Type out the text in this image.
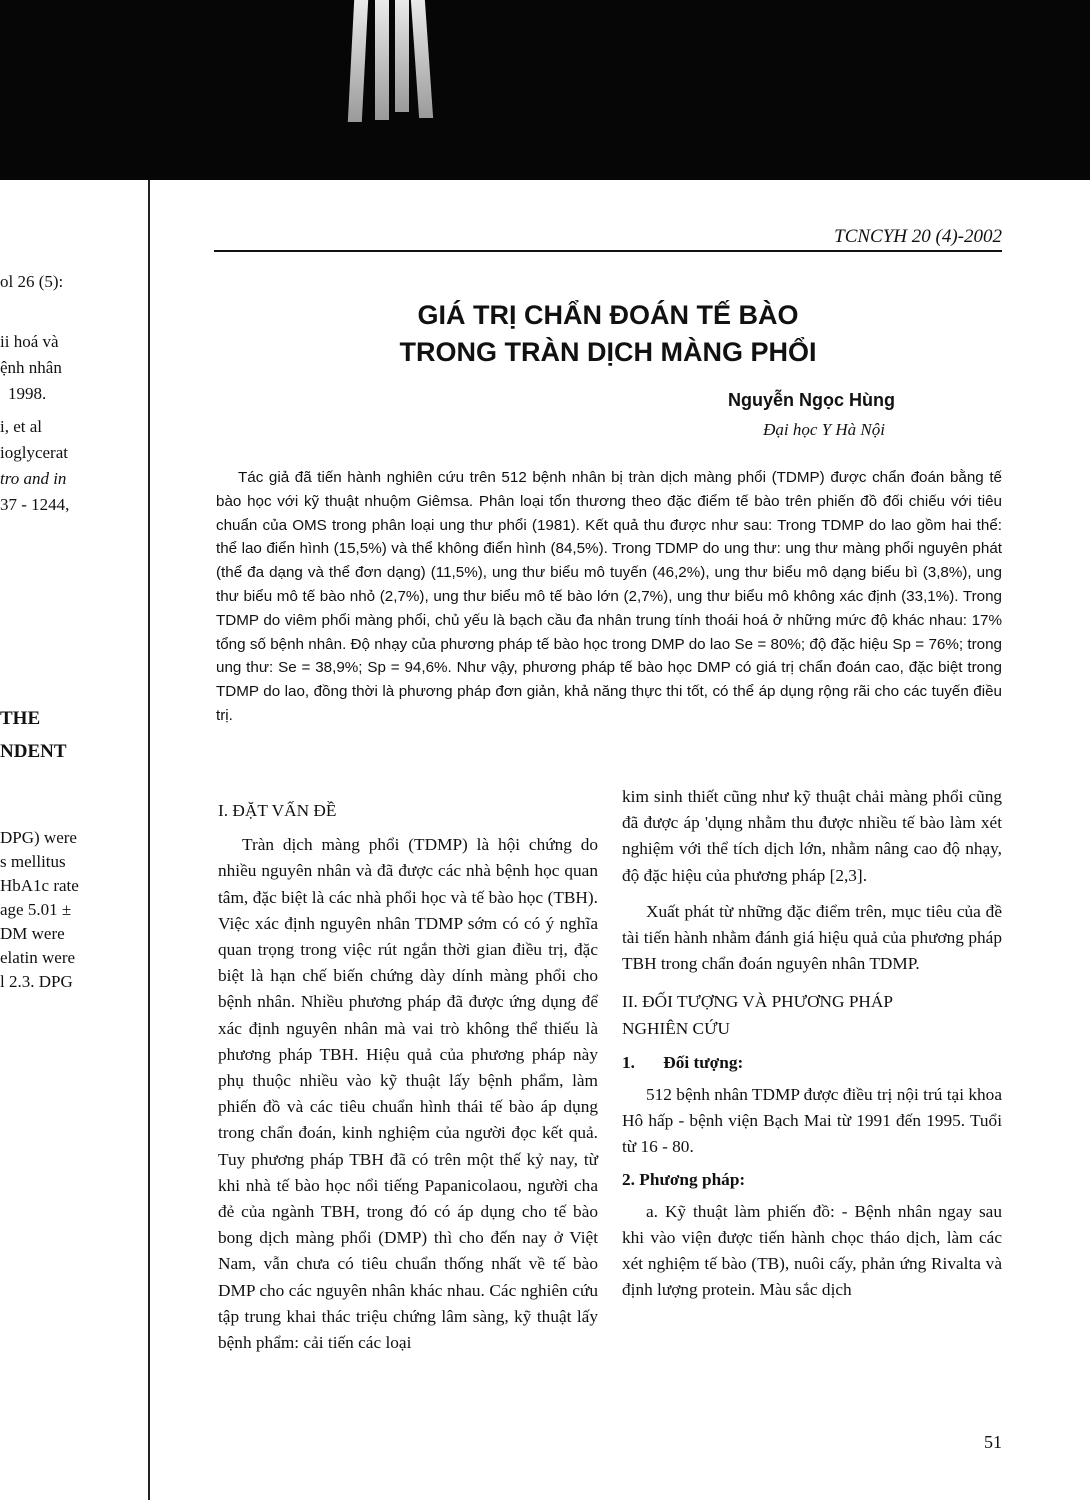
ol 26 (5):
ii hoá và
ệnh nhân
1998.
i, et al
ioglycerat
tro and in
37 - 1244,
THE
NDENT
DPG) were
s mellitus
HbA1c rate
age 5.01 ±
DM were
elatin were
l 2.3. DPG
TCNCYH 20 (4)-2002
GIÁ TRỊ CHẨN ĐOÁN TẾ BÀO
TRONG TRÀN DỊCH MÀNG PHỔI
Nguyễn Ngọc Hùng
Đại học Y Hà Nội

Tác giả đã tiến hành nghiên cứu trên 512 bệnh nhân bị tràn dịch màng phổi (TDMP) được chẩn đoán bằng tế bào học với kỹ thuật nhuộm Giêmsa. Phân loại tổn thương theo đặc điểm tế bào trên phiến đồ đối chiếu với tiêu chuẩn của OMS trong phân loại ung thư phổi (1981). Kết quả thu được như sau: Trong TDMP do lao gồm hai thể: thể lao điển hình (15,5%) và thể không điển hình (84,5%). Trong TDMP do ung thư: ung thư màng phổi nguyên phát (thể đa dạng và thể đơn dạng) (11,5%), ung thư biểu mô tuyến (46,2%), ung thư biểu mô dạng biểu bì (3,8%), ung thư biểu mô tế bào nhỏ (2,7%), ung thư biểu mô tế bào lớn (2,7%), ung thư biểu mô không xác định (33,1%). Trong TDMP do viêm phổi màng phổi, chủ yếu là bạch cầu đa nhân trung tính thoái hoá ở những mức độ khác nhau: 17% tổng số bệnh nhân. Độ nhạy của phương pháp tế bào học trong DMP do lao Se = 80%; độ đặc hiệu Sp = 76%; trong ung thư: Se = 38,9%; Sp = 94,6%. Như vậy, phương pháp tế bào học DMP có giá trị chẩn đoán cao, đặc biệt trong TDMP do lao, đồng thời là phương pháp đơn giản, khả năng thực thi tốt, có thể áp dụng rộng rãi cho các tuyến điều trị.

I. ĐẶT VẤN ĐỀ

Tràn dịch màng phổi (TDMP) là hội chứng do nhiều nguyên nhân và đã được các nhà bệnh học quan tâm, đặc biệt là các nhà phổi học và tế bào học (TBH). Việc xác định nguyên nhân TDMP sớm có có ý nghĩa quan trọng trong việc rút ngắn thời gian điều trị, đặc biệt là hạn chế biến chứng dày dính màng phổi cho bệnh nhân. Nhiều phương pháp đã được ứng dụng để xác định nguyên nhân mà vai trò không thể thiếu là phương pháp TBH. Hiệu quả của phương pháp này phụ thuộc nhiều vào kỹ thuật lấy bệnh phẩm, làm phiến đồ và các tiêu chuẩn hình thái tế bào áp dụng trong chẩn đoán, kinh nghiệm của người đọc kết quả. Tuy phương pháp TBH đã có trên một thế kỷ nay, từ khi nhà tế bào học nổi tiếng Papanicolaou, người cha đẻ của ngành TBH, trong đó có áp dụng cho tế bào bong dịch màng phổi (DMP) thì cho đến nay ở Việt Nam, vẫn chưa có tiêu chuẩn thống nhất về tế bào DMP cho các nguyên nhân khác nhau. Các nghiên cứu tập trung khai thác triệu chứng lâm sàng, kỹ thuật lấy bệnh phẩm: cải tiến các loại

kim sinh thiết cũng như kỹ thuật chải màng phổi cũng đã được áp 'dụng nhằm thu được nhiều tế bào làm xét nghiệm với thể tích dịch lớn, nhằm nâng cao độ nhạy, độ đặc hiệu của phương pháp [2,3].

Xuất phát từ những đặc điểm trên, mục tiêu của đề tài tiến hành nhằm đánh giá hiệu quả của phương pháp TBH trong chẩn đoán nguyên nhân TDMP.

II. ĐỐI TƯỢNG VÀ PHƯƠNG PHÁP
NGHIÊN CỨU
1. Đối tượng:

512 bệnh nhân TDMP được điều trị nội trú tại khoa Hô hấp - bệnh viện Bạch Mai từ 1991 đến 1995. Tuổi từ 16 - 80.

2. Phương pháp:

a. Kỹ thuật làm phiến đồ: - Bệnh nhân ngay sau khi vào viện được tiến hành chọc tháo dịch, làm các xét nghiệm tế bào (TB), nuôi cấy, phản ứng Rivalta và định lượng protein. Màu sắc dịch

51
